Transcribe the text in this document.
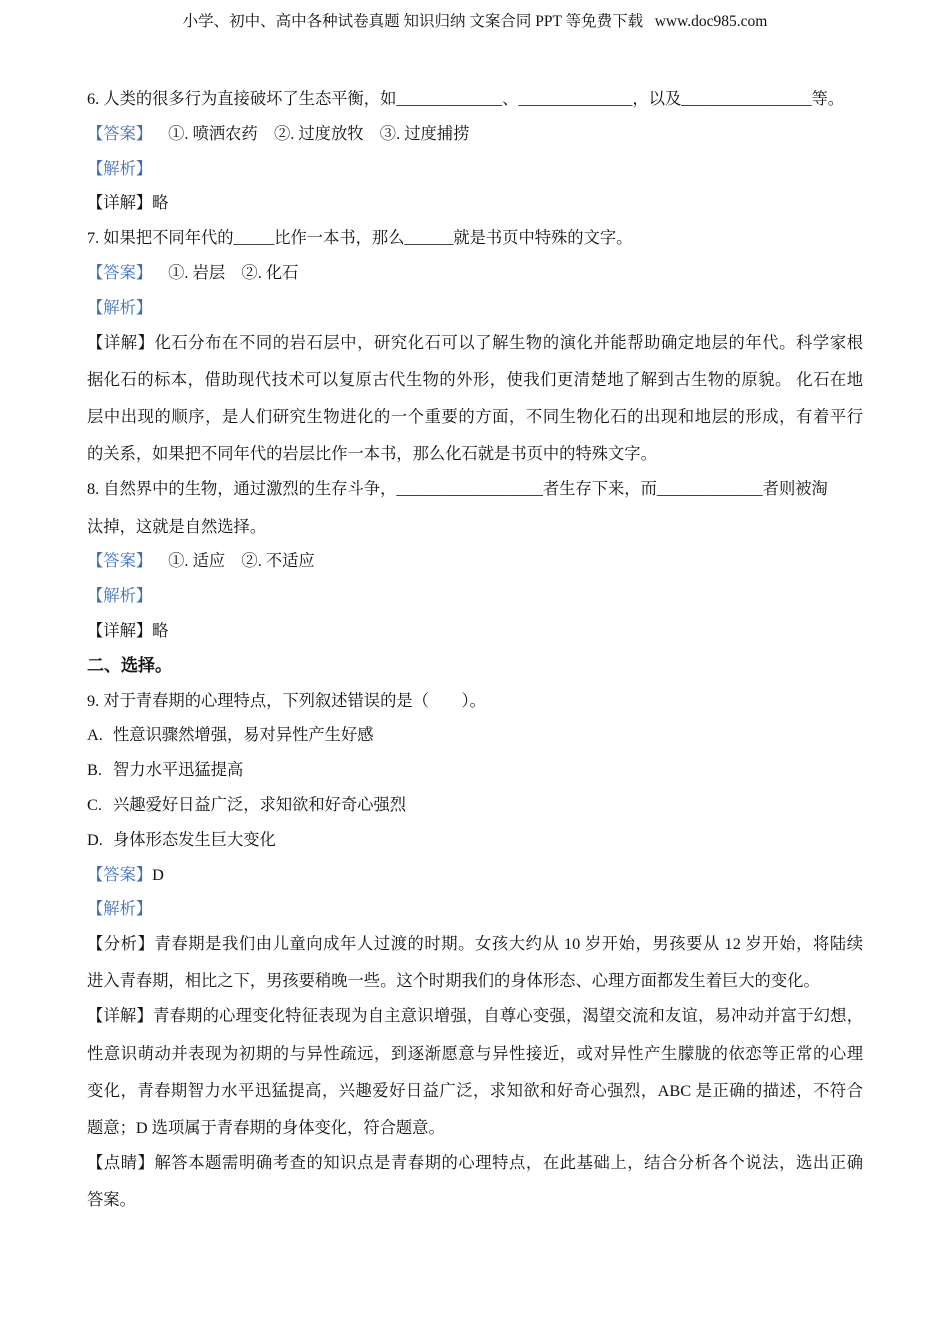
小学、初中、高中各种试卷真题 知识归纳 文案合同 PPT 等免费下载   www.doc985.com
6. 人类的很多行为直接破坏了生态平衡，如_____________、______________，以及________________等。
【答案】 ①. 喷洒农药    ②. 过度放牧    ③. 过度捕捞
【解析】
【详解】略
7. 如果把不同年代的_____比作一本书，那么______就是书页中特殊的文字。
【答案】 ①. 岩层    ②. 化石
【解析】
【详解】化石分布在不同的岩石层中，研究化石可以了解生物的演化并能帮助确定地层的年代。科学家根
据化石的标本，借助现代技术可以复原古代生物的外形，使我们更清楚地了解到古生物的原貌。 化石在地
层中出现的顺序，是人们研究生物进化的一个重要的方面，不同生物化石的出现和地层的形成，有着平行
的关系，如果把不同年代的岩层比作一本书，那么化石就是书页中的特殊文字。
8. 自然界中的生物，通过激烈的生存斗争，__________________者生存下来，而_____________者则被淘
汰掉，这就是自然选择。
【答案】 ①. 适应    ②. 不适应
【解析】
【详解】略
二、选择。
9. 对于青春期的心理特点，下列叙述错误的是（        ）。
A. 性意识骤然增强，易对异性产生好感
B. 智力水平迅猛提高
C. 兴趣爱好日益广泛，求知欲和好奇心强烈
D. 身体形态发生巨大变化
【答案】D
【解析】
【分析】青春期是我们由儿童向成年人过渡的时期。女孩大约从 10 岁开始，男孩要从 12 岁开始，将陆续
进入青春期，相比之下，男孩要稍晚一些。这个时期我们的身体形态、心理方面都发生着巨大的变化。
【详解】青春期的心理变化特征表现为自主意识增强，自尊心变强，渴望交流和友谊，易冲动并富于幻想，
性意识萌动并表现为初期的与异性疏远，到逐渐愿意与异性接近，或对异性产生朦胧的依恋等正常的心理
变化，青春期智力水平迅猛提高，兴趣爱好日益广泛，求知欲和好奇心强烈，ABC 是正确的描述，不符合
题意；D 选项属于青春期的身体变化，符合题意。
【点睛】解答本题需明确考查的知识点是青春期的心理特点，在此基础上，结合分析各个说法，选出正确
答案。
